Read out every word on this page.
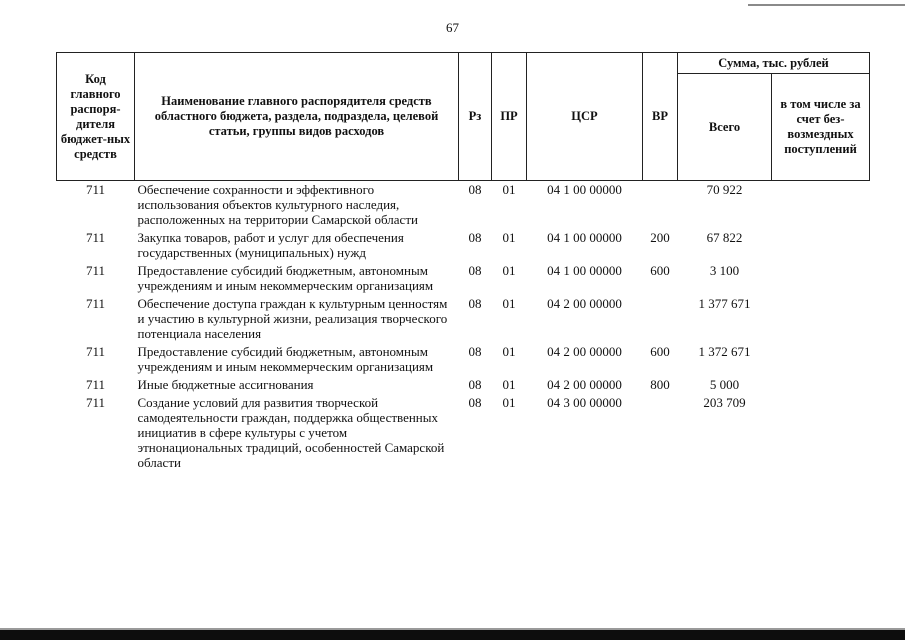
67
Код главного распоря-дителя бюджет-ных средств	Наименование главного распорядителя средств областного бюджета, раздела, подраздела, целевой статьи, группы видов расходов	Рз	ПР	ЦСР	ВР	Сумма, тыс. рублей	
						Всего	в том числе за счет без-возмездных поступлений
711	Обеспечение сохранности и эффективного использования объектов культурного наследия, расположенных на территории Самарской области	08	01	04 1 00 00000		70 922	
711	Закупка товаров, работ и услуг для обеспечения государственных (муниципальных) нужд	08	01	04 1 00 00000	200	67 822	
711	Предоставление субсидий бюджетным, автономным учреждениям и иным некоммерческим организациям	08	01	04 1 00 00000	600	3 100	
711	Обеспечение доступа граждан к культурным ценностям и участию в культурной жизни, реализация творческого потенциала населения	08	01	04 2 00 00000		1 377 671	
711	Предоставление субсидий бюджетным, автономным учреждениям и иным некоммерческим организациям	08	01	04 2 00 00000	600	1 372 671	
711	Иные бюджетные ассигнования	08	01	04 2 00 00000	800	5 000	
711	Создание условий для развития творческой самодеятельности граждан, поддержка общественных инициатив в сфере культуры с учетом этнонациональных традиций, особенностей Самарской области	08	01	04 3 00 00000		203 709	
